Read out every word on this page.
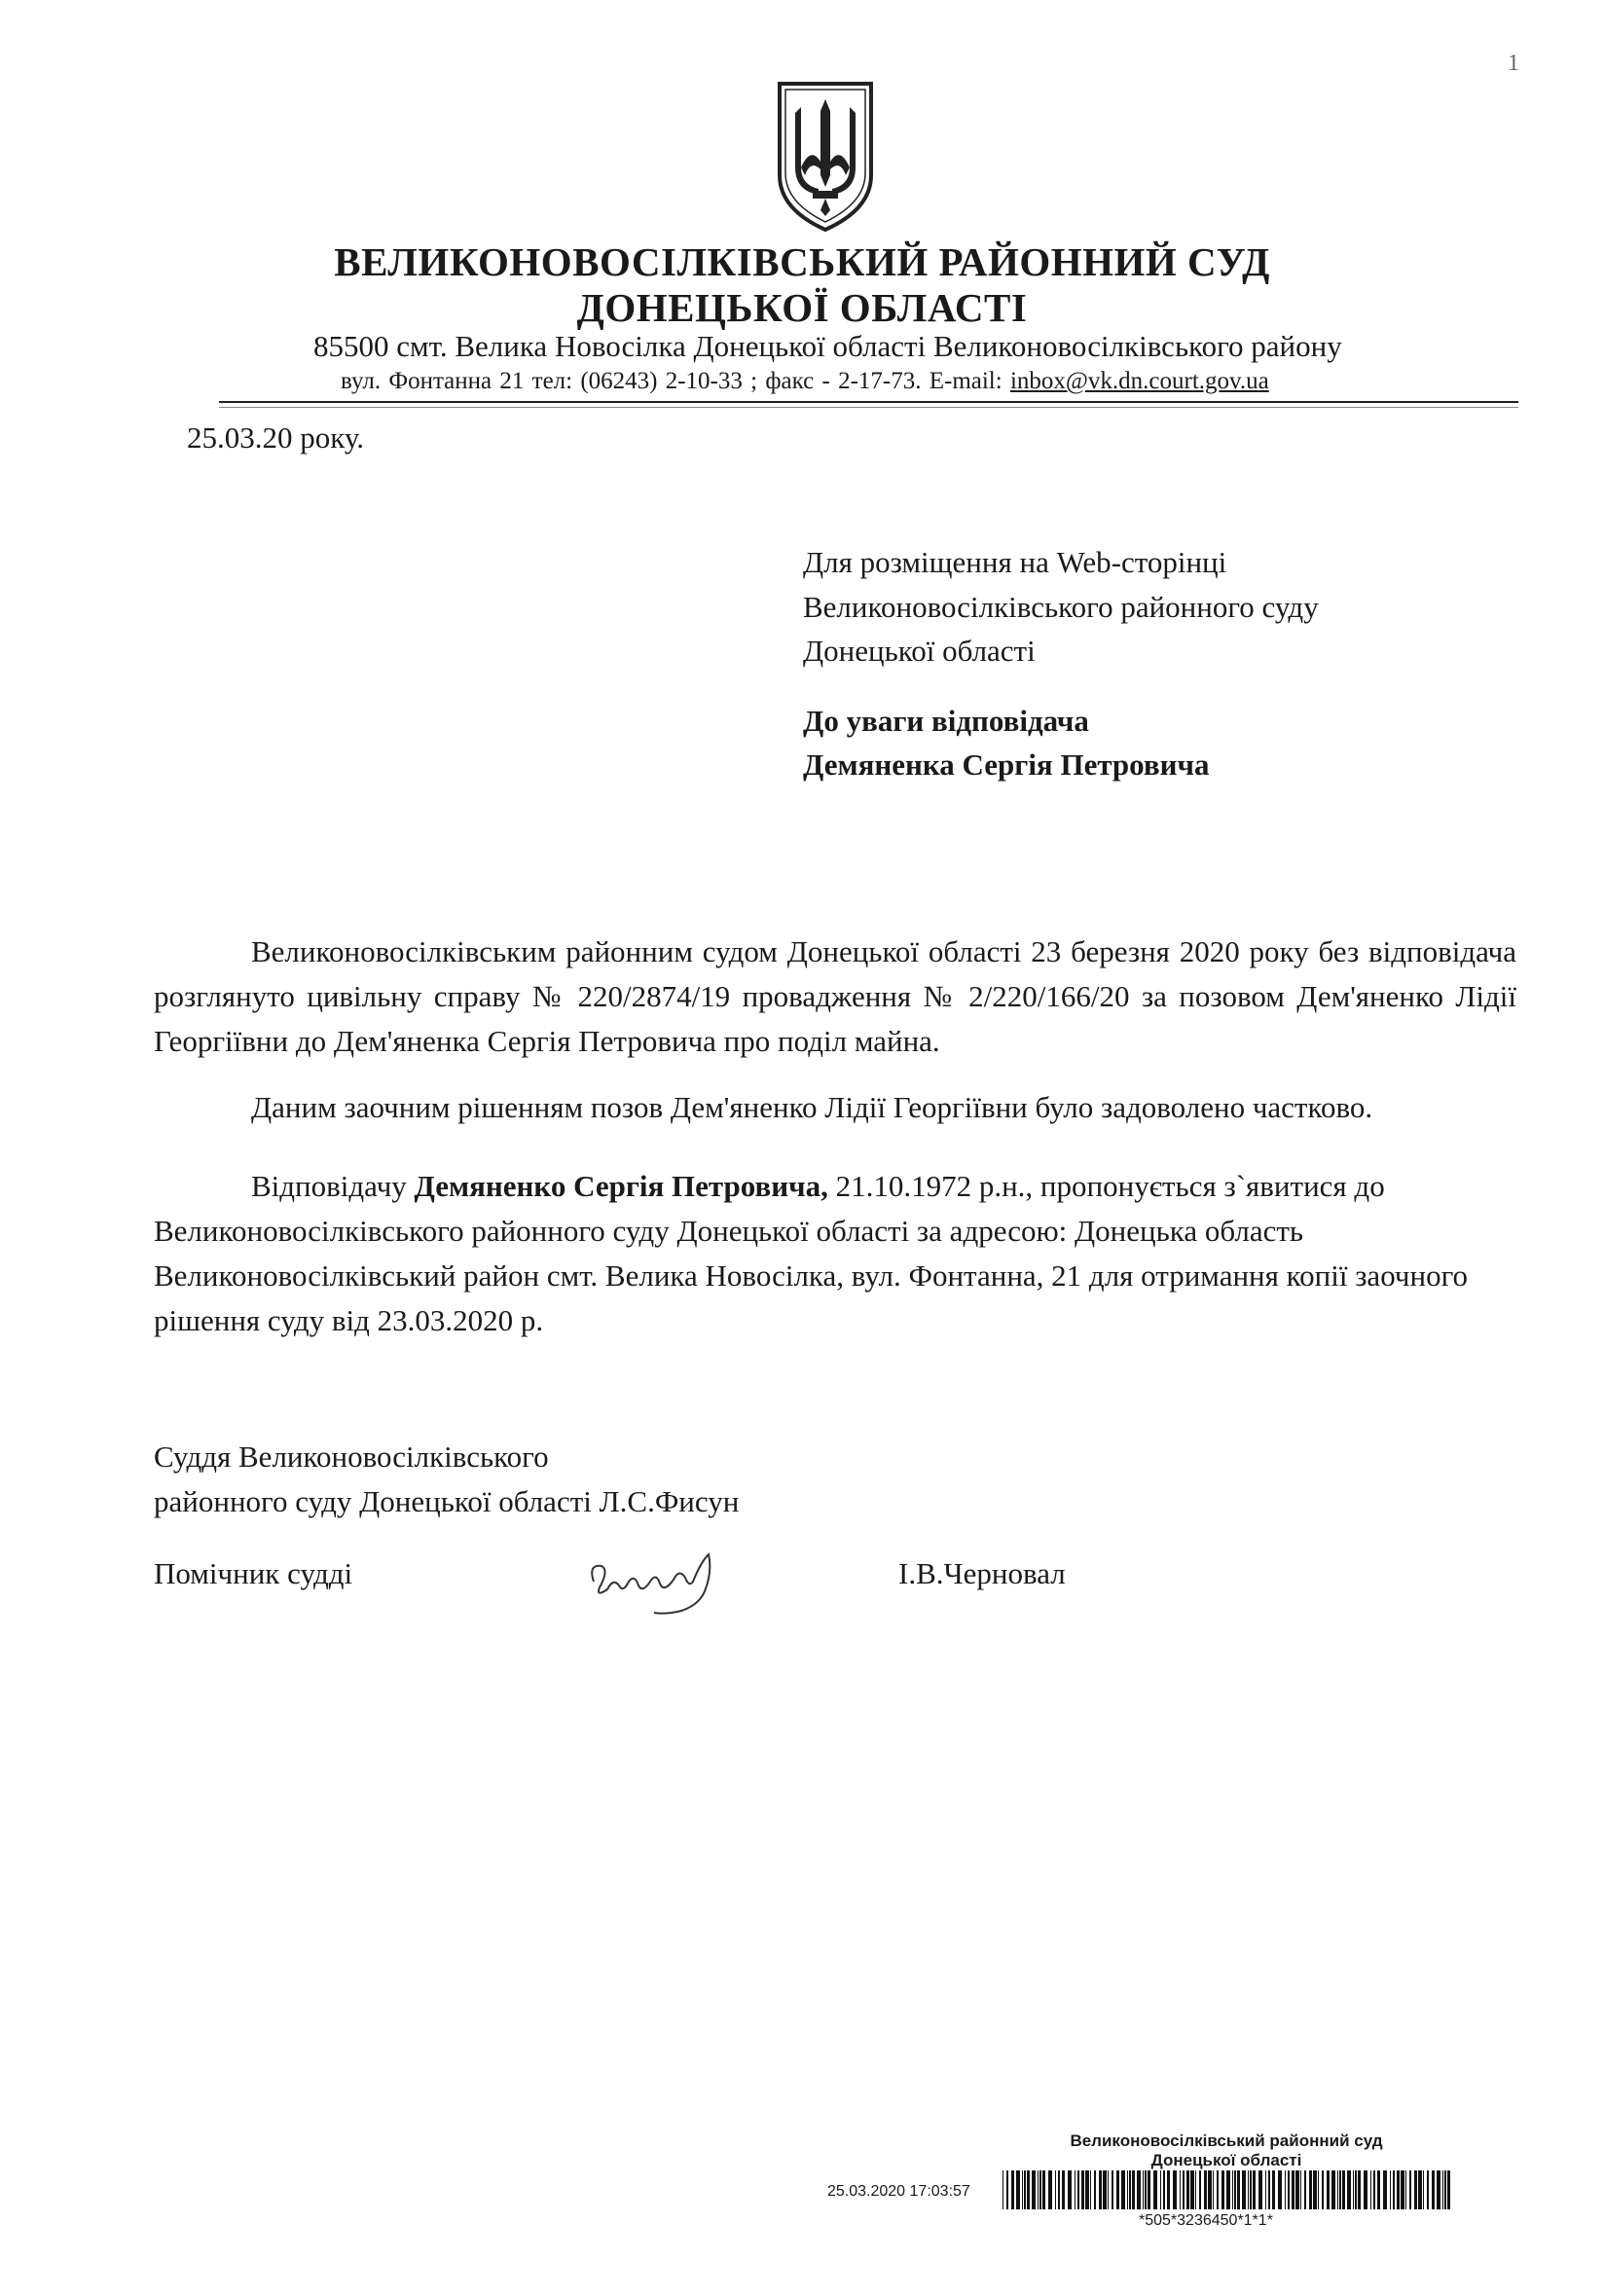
1
ВЕЛИКОНОВОСІЛКІВСЬКИЙ РАЙОННИЙ СУД
ДОНЕЦЬКОЇ ОБЛАСТІ
85500 смт. Велика Новосілка Донецької області Великоновосілківського району
вул. Фонтанна 21 тел: (06243) 2-10-33 ; факс - 2-17-73. E-mail: inbox@vk.dn.court.gov.ua
25.03.20 року.
Для розміщення на Web-сторінці
Великоновосілківського районного суду
Донецької області
До уваги відповідача
Демяненка Сергія Петровича
Великоновосілківським районним судом Донецької області 23 березня 2020 року без відповідача розглянуто цивільну справу № 220/2874/19 провадження № 2/220/166/20 за позовом Дем'яненко Лідії Георгіївни до Дем'яненка Сергія Петровича про поділ майна.
Даним заочним рішенням позов Дем'яненко Лідії Георгіївни було задоволено частково.
Відповідачу Демяненко Сергія Петровича, 21.10.1972 р.н., пропонується з`явитися до Великоновосілківського районного суду Донецької області за адресою: Донецька область Великоновосілківський район смт. Велика Новосілка, вул. Фонтанна, 21 для отримання копії заочного рішення суду від 23.03.2020 р.
Суддя Великоновосілківського
районного суду Донецької області Л.С.Фисун
Помічник судді	І.В.Черновал
Великоновосілківський районний суд
Донецької області
25.03.2020 17:03:57
*505*3236450*1*1*
